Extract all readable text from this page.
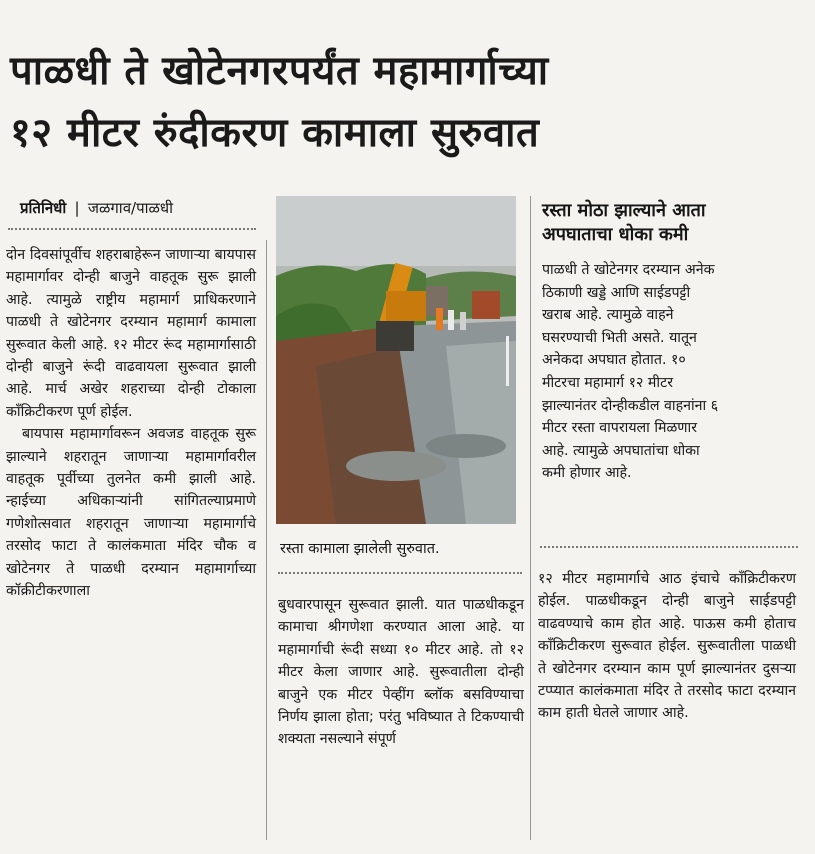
पाळधी ते खोटेनगरपर्यंत महामार्गाच्या
१२ मीटर रुंदीकरण कामाला सुरुवात
प्रतिनिधी | जळगाव/पाळधी

दोन दिवसांपूर्वीच शहराबाहेरून जाणाऱ्या बायपास महामार्गावर दोन्ही बाजुने वाहतूक सुरू झाली आहे. त्यामुळे राष्ट्रीय महामार्ग प्राधिकरणाने पाळधी ते खोटेनगर दरम्यान महामार्ग कामाला सुरूवात केली आहे. १२ मीटर रूंद महामार्गासाठी दोन्ही बाजुने रूंदी वाढवायला सुरूवात झाली आहे. मार्च अखेर शहराच्या दोन्ही टोकाला कॉंक्रिटीकरण पूर्ण होईल.

बायपास महामार्गावरून अवजड वाहतूक सुरू झाल्याने शहरातून जाणाऱ्या महामार्गावरील वाहतूक पूर्वीच्या तुलनेत कमी झाली आहे. न्हाईच्या अधिकाऱ्यांनी सांगितल्याप्रमाणे गणेशोत्सवात शहरातून जाणाऱ्या महामार्गाचे तरसोद फाटा ते कालंकमाता मंदिर चौक व खोटेनगर ते पाळधी दरम्यान महामार्गाच्या कॉक्रीटीकरणाला

रस्ता कामाला झालेली सुरुवात.
बुधवारपासून सुरूवात झाली. यात पाळधीकडून कामाचा श्रीगणेशा करण्यात आला आहे. या महामार्गाची रूंदी सध्या १० मीटर आहे. तो १२ मीटर केला जाणार आहे. सुरूवातीला दोन्ही बाजुने एक मीटर पेव्हींग ब्लॉक बसविण्याचा निर्णय झाला होता; परंतु भविष्यात ते टिकण्याची शक्यता नसल्याने संपूर्ण
रस्ता मोठा झाल्याने आता
अपघाताचा धोका कमी
पाळधी ते खोटेनगर दरम्यान अनेक
ठिकाणी खड्डे आणि साईडपट्टी
खराब आहे. त्यामुळे वाहने
घसरण्याची भिती असते. यातून
अनेकदा अपघात होतात. १०
मीटरचा महामार्ग १२ मीटर
झाल्यानंतर दोन्हीकडील वाहनांना ६
मीटर रस्ता वापरायला मिळणार
आहे. त्यामुळे अपघातांचा धोका
कमी होणार आहे.
१२ मीटर महामार्गाचे आठ इंचाचे कॉंक्रिटीकरण होईल. पाळधीकडून दोन्ही बाजुने साईडपट्टी वाढवण्याचे काम होत आहे. पाऊस कमी होताच कॉंक्रिटीकरण सुरूवात होईल. सुरूवातीला पाळधी ते खोटेनगर दरम्यान काम पूर्ण झाल्यानंतर दुसऱ्या टप्प्यात कालंकमाता मंदिर ते तरसोद फाटा दरम्यान काम हाती घेतले जाणार आहे.
